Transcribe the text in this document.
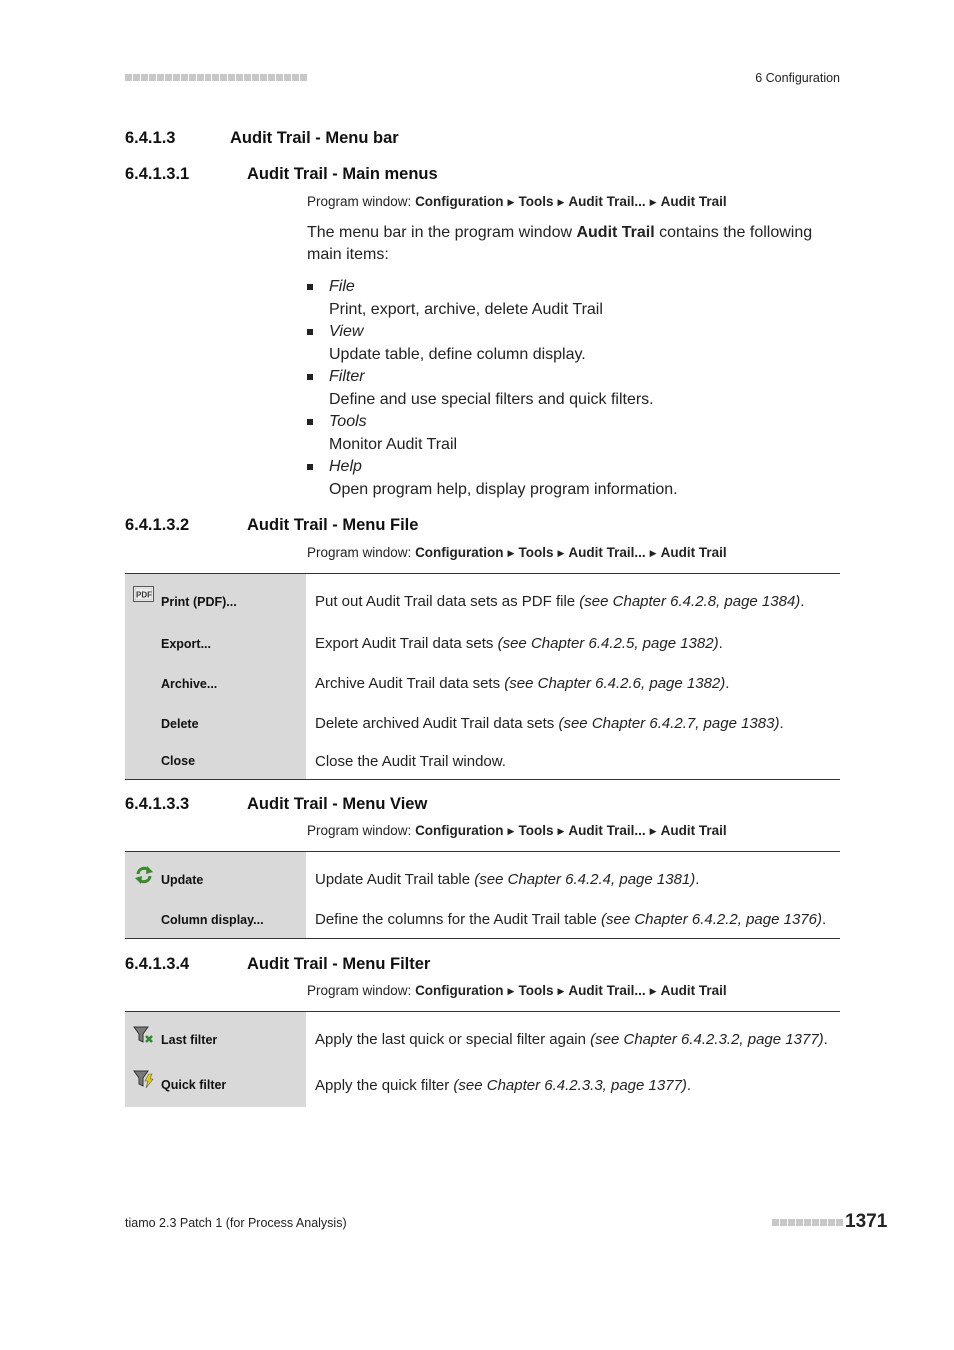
6 Configuration
6.4.1.3	Audit Trail - Menu bar
6.4.1.3.1	Audit Trail - Main menus
Program window: Configuration ▶ Tools ▶ Audit Trail... ▶ Audit Trail
The menu bar in the program window Audit Trail contains the following main items:
File
Print, export, archive, delete Audit Trail
View
Update table, define column display.
Filter
Define and use special filters and quick filters.
Tools
Monitor Audit Trail
Help
Open program help, display program information.
6.4.1.3.2	Audit Trail - Menu File
Program window: Configuration ▶ Tools ▶ Audit Trail... ▶ Audit Trail
PDF Print (PDF)...	Put out Audit Trail data sets as PDF file (see Chapter 6.4.2.8, page 1384).

Export...	Export Audit Trail data sets (see Chapter 6.4.2.5, page 1382).

Archive...	Archive Audit Trail data sets (see Chapter 6.4.2.6, page 1382).

Delete	Delete archived Audit Trail data sets (see Chapter 6.4.2.7, page 1383).

Close	Close the Audit Trail window.
6.4.1.3.3	Audit Trail - Menu View
Program window: Configuration ▶ Tools ▶ Audit Trail... ▶ Audit Trail
Update	Update Audit Trail table (see Chapter 6.4.2.4, page 1381).

Column display...	Define the columns for the Audit Trail table (see Chapter 6.4.2.2, page 1376).
6.4.1.3.4	Audit Trail - Menu Filter
Program window: Configuration ▶ Tools ▶ Audit Trail... ▶ Audit Trail
Last filter	Apply the last quick or special filter again (see Chapter 6.4.2.3.2, page 1377).

Quick filter	Apply the quick filter (see Chapter 6.4.2.3.3, page 1377).
tiamo 2.3 Patch 1 (for Process Analysis)	1371
